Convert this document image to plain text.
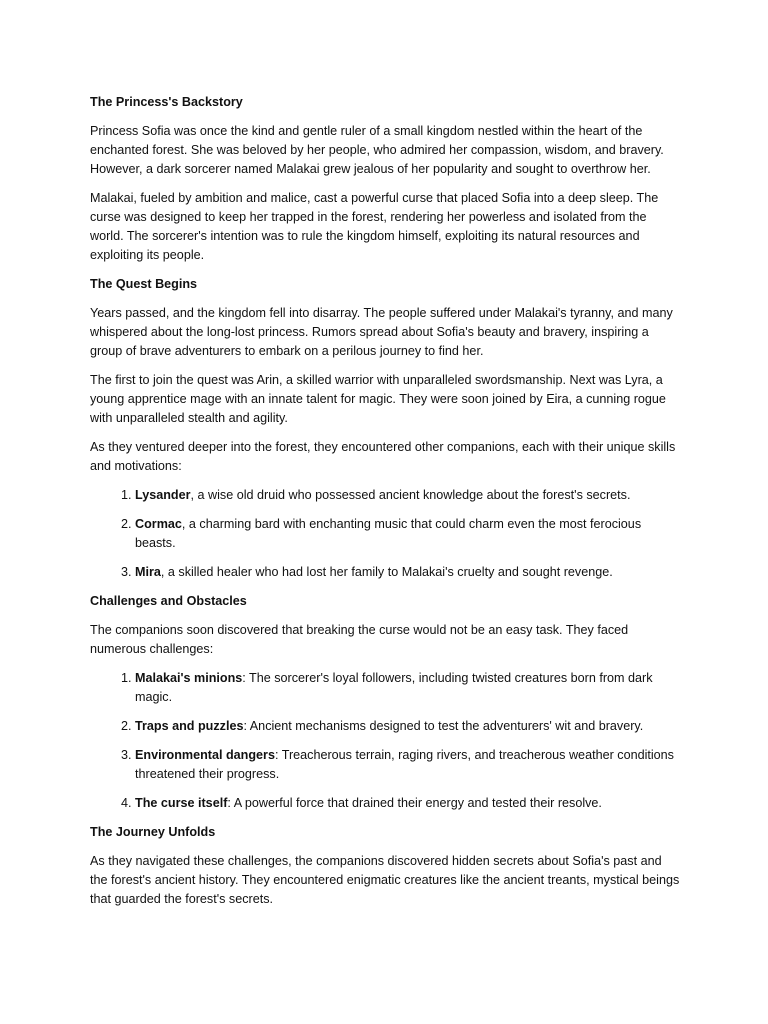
The Princess's Backstory

Princess Sofia was once the kind and gentle ruler of a small kingdom nestled within the heart of the enchanted forest. She was beloved by her people, who admired her compassion, wisdom, and bravery. However, a dark sorcerer named Malakai grew jealous of her popularity and sought to overthrow her.

Malakai, fueled by ambition and malice, cast a powerful curse that placed Sofia into a deep sleep. The curse was designed to keep her trapped in the forest, rendering her powerless and isolated from the world. The sorcerer's intention was to rule the kingdom himself, exploiting its natural resources and exploiting its people.

The Quest Begins

Years passed, and the kingdom fell into disarray. The people suffered under Malakai's tyranny, and many whispered about the long-lost princess. Rumors spread about Sofia's beauty and bravery, inspiring a group of brave adventurers to embark on a perilous journey to find her.

The first to join the quest was Arin, a skilled warrior with unparalleled swordsmanship. Next was Lyra, a young apprentice mage with an innate talent for magic. They were soon joined by Eira, a cunning rogue with unparalleled stealth and agility.

As they ventured deeper into the forest, they encountered other companions, each with their unique skills and motivations:

1. Lysander, a wise old druid who possessed ancient knowledge about the forest's secrets.
2. Cormac, a charming bard with enchanting music that could charm even the most ferocious beasts.
3. Mira, a skilled healer who had lost her family to Malakai's cruelty and sought revenge.
Challenges and Obstacles

The companions soon discovered that breaking the curse would not be an easy task. They faced numerous challenges:

1. Malakai's minions: The sorcerer's loyal followers, including twisted creatures born from dark magic.
2. Traps and puzzles: Ancient mechanisms designed to test the adventurers' wit and bravery.
3. Environmental dangers: Treacherous terrain, raging rivers, and treacherous weather conditions threatened their progress.
4. The curse itself: A powerful force that drained their energy and tested their resolve.
The Journey Unfolds

As they navigated these challenges, the companions discovered hidden secrets about Sofia's past and the forest's ancient history. They encountered enigmatic creatures like the ancient treants, mystical beings that guarded the forest's secrets.
